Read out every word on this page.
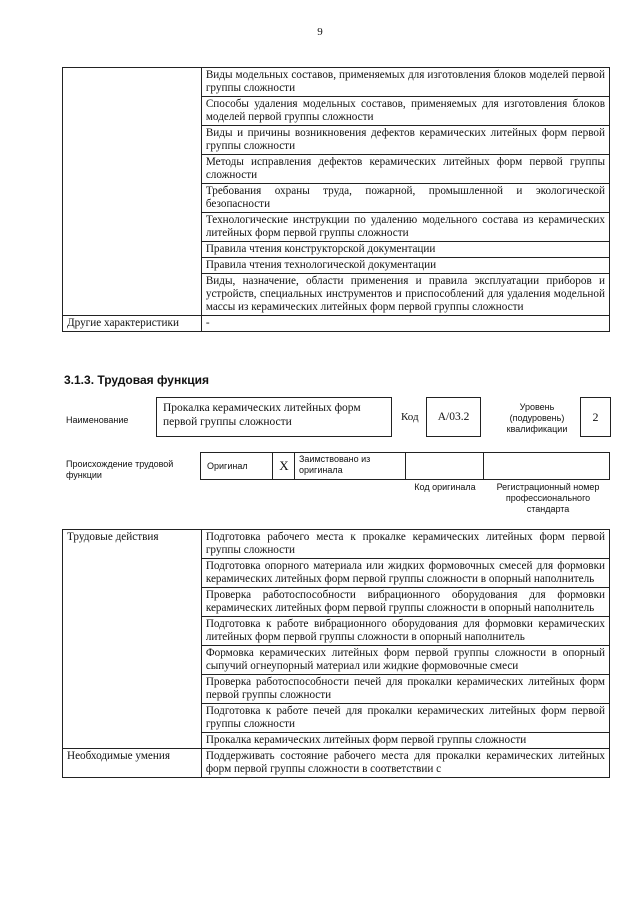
9
	Виды модельных составов, применяемых для изготовления блоков моделей первой группы сложности
	Способы удаления модельных составов, применяемых для изготовления блоков моделей первой группы сложности
	Виды и причины возникновения дефектов керамических литейных форм первой группы сложности
	Методы исправления дефектов керамических литейных форм первой группы сложности
	Требования охраны труда, пожарной, промышленной и экологической безопасности
	Технологические инструкции по удалению модельного состава из керамических литейных форм первой группы сложности
	Правила чтения конструкторской документации
	Правила чтения технологической документации
	Виды, назначение, области применения и правила эксплуатации приборов и устройств, специальных инструментов и приспособлений для удаления модельной массы из керамических литейных форм первой группы сложности
Другие характеристики	-
3.1.3. Трудовая функция
Наименование
Прокалка керамических литейных форм первой группы сложности	Код	A/03.2
Уровень (подуровень) квалификации
2
Происхождение трудовой функции
Оригинал X	Заимствовано из оригинала
Код оригинала	Регистрационный номер профессионального стандарта
Трудовые действия	Подготовка рабочего места к прокалке керамических литейных форм первой группы сложности
	Подготовка опорного материала или жидких формовочных смесей для формовки керамических литейных форм первой группы сложности в опорный наполнитель
	Проверка работоспособности вибрационного оборудования для формовки керамических литейных форм первой группы сложности в опорный наполнитель
	Подготовка к работе вибрационного оборудования для формовки керамических литейных форм первой группы сложности в опорный наполнитель
	Формовка керамических литейных форм первой группы сложности в опорный сыпучий огнеупорный материал или жидкие формовочные смеси
	Проверка работоспособности печей для прокалки керамических литейных форм первой группы сложности
	Подготовка к работе печей для прокалки керамических литейных форм первой группы сложности
	Прокалка керамических литейных форм первой группы сложности
Необходимые умения	Поддерживать состояние рабочего места для прокалки керамических литейных форм первой группы сложности в соответствии с
